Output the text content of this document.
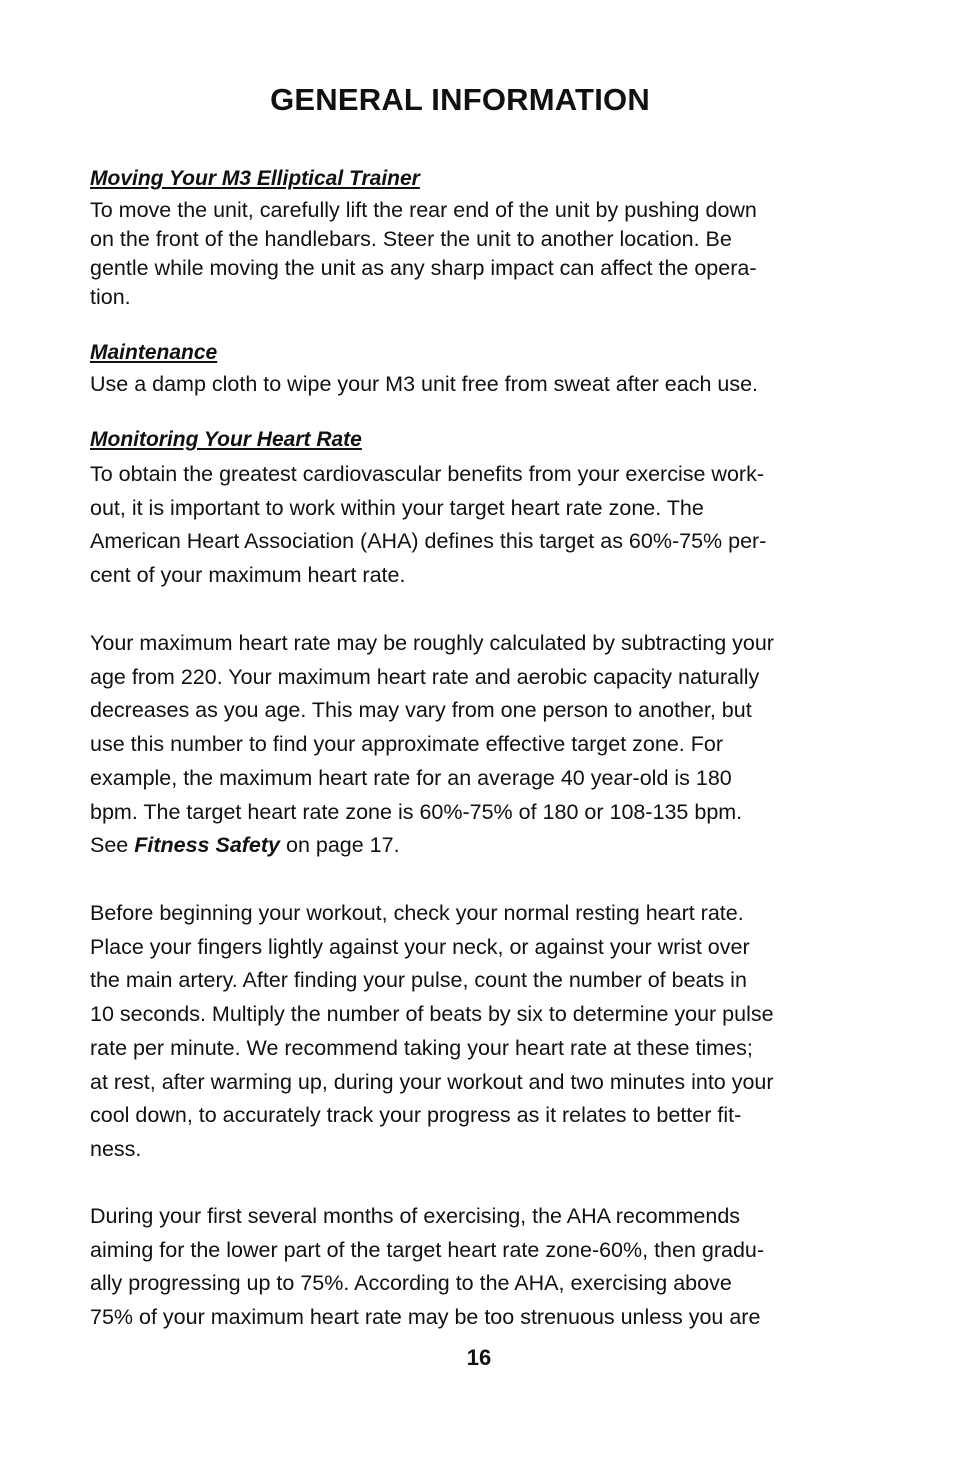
GENERAL INFORMATION
Moving Your M3 Elliptical Trainer
To move the unit, carefully lift the rear end of the unit by pushing down
on the front of the handlebars. Steer the unit to another location. Be
gentle while moving the unit as any sharp impact can affect the opera-
tion.
Maintenance
Use a damp cloth to wipe your M3 unit free from sweat after each use.
Monitoring Your Heart Rate
To obtain the greatest cardiovascular benefits from your exercise work-
out, it is important to work within your target heart rate zone. The
American Heart Association (AHA) defines this target as 60%-75% per-
cent of your maximum heart rate.
Your maximum heart rate may be roughly calculated by subtracting your
age from 220. Your maximum heart rate and aerobic capacity naturally
decreases as you age. This may vary from one person to another, but
use this number to find your approximate effective target zone. For
example, the maximum heart rate for an average 40 year-old is 180
bpm. The target heart rate zone is 60%-75% of 180 or 108-135 bpm.
See Fitness Safety on page 17.
Before beginning your workout, check your normal resting heart rate.
Place your fingers lightly against your neck, or against your wrist over
the main artery. After finding your pulse, count the number of beats in
10 seconds. Multiply the number of beats by six to determine your pulse
rate per minute. We recommend taking your heart rate at these times;
at rest, after warming up, during your workout and two minutes into your
cool down, to accurately track your progress as it relates to better fit-
ness.
During your first several months of exercising, the AHA recommends
aiming for the lower part of the target heart rate zone-60%, then gradu-
ally progressing up to 75%. According to the AHA, exercising above
75% of your maximum heart rate may be too strenuous unless you are
16
